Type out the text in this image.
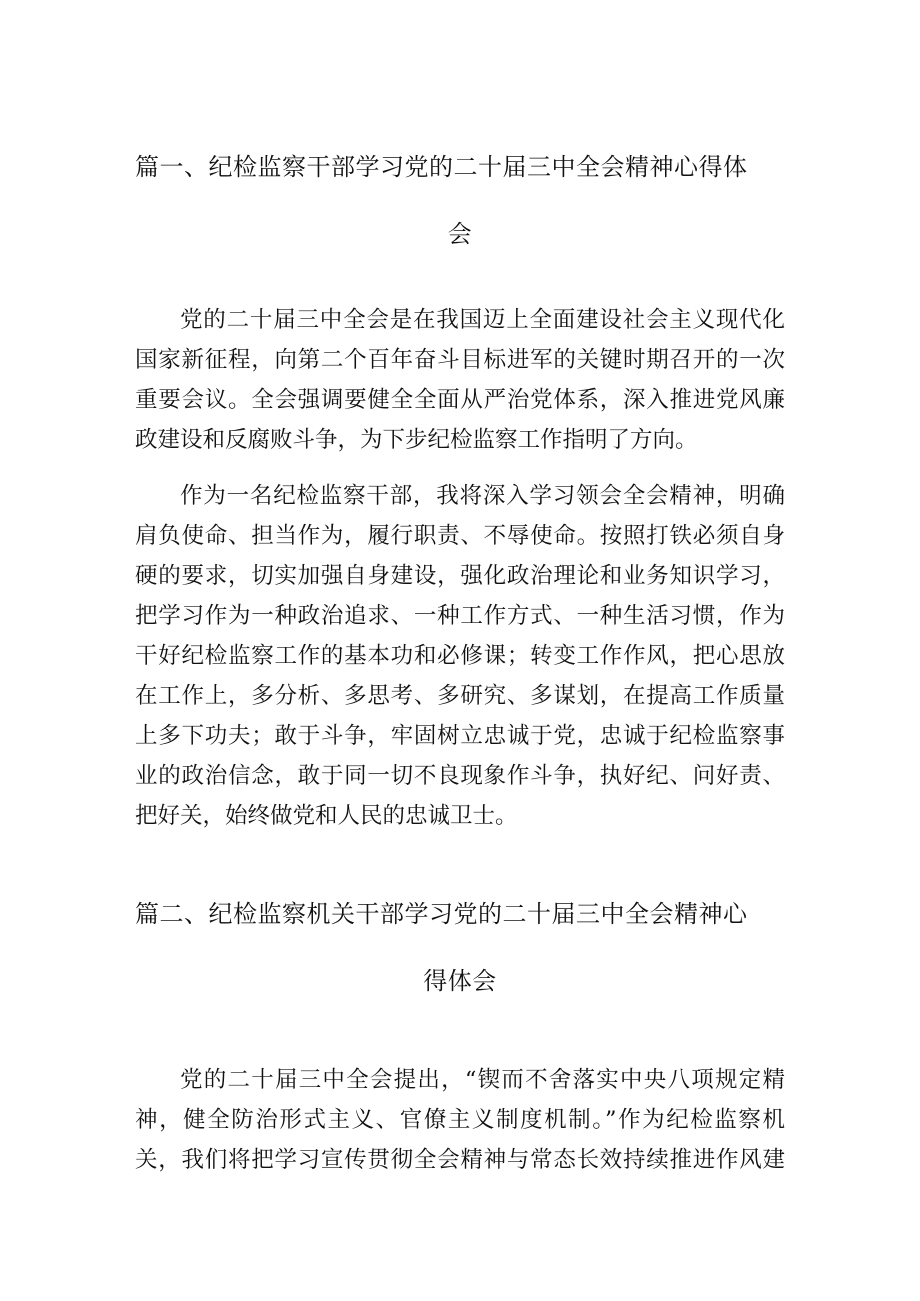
篇一、纪检监察干部学习党的二十届三中全会精神心得体
会
党的二十届三中全会是在我国迈上全面建设社会主义现代化
国家新征程，向第二个百年奋斗目标进军的关键时期召开的一次
重要会议。全会强调要健全全面从严治党体系，深入推进党风廉
政建设和反腐败斗争，为下步纪检监察工作指明了方向。
作为一名纪检监察干部，我将深入学习领会全会精神，明确
肩负使命、担当作为，履行职责、不辱使命。按照打铁必须自身
硬的要求，切实加强自身建设，强化政治理论和业务知识学习，
把学习作为一种政治追求、一种工作方式、一种生活习惯，作为
干好纪检监察工作的基本功和必修课；转变工作作风，把心思放
在工作上，多分析、多思考、多研究、多谋划，在提高工作质量
上多下功夫；敢于斗争，牢固树立忠诚于党，忠诚于纪检监察事
业的政治信念，敢于同一切不良现象作斗争，执好纪、问好责、
把好关，始终做党和人民的忠诚卫士。
篇二、纪检监察机关干部学习党的二十届三中全会精神心
得体会
党的二十届三中全会提出，“锲而不舍落实中央八项规定精
神，健全防治形式主义、官僚主义制度机制。”作为纪检监察机
关，我们将把学习宣传贯彻全会精神与常态长效持续推进作风建
